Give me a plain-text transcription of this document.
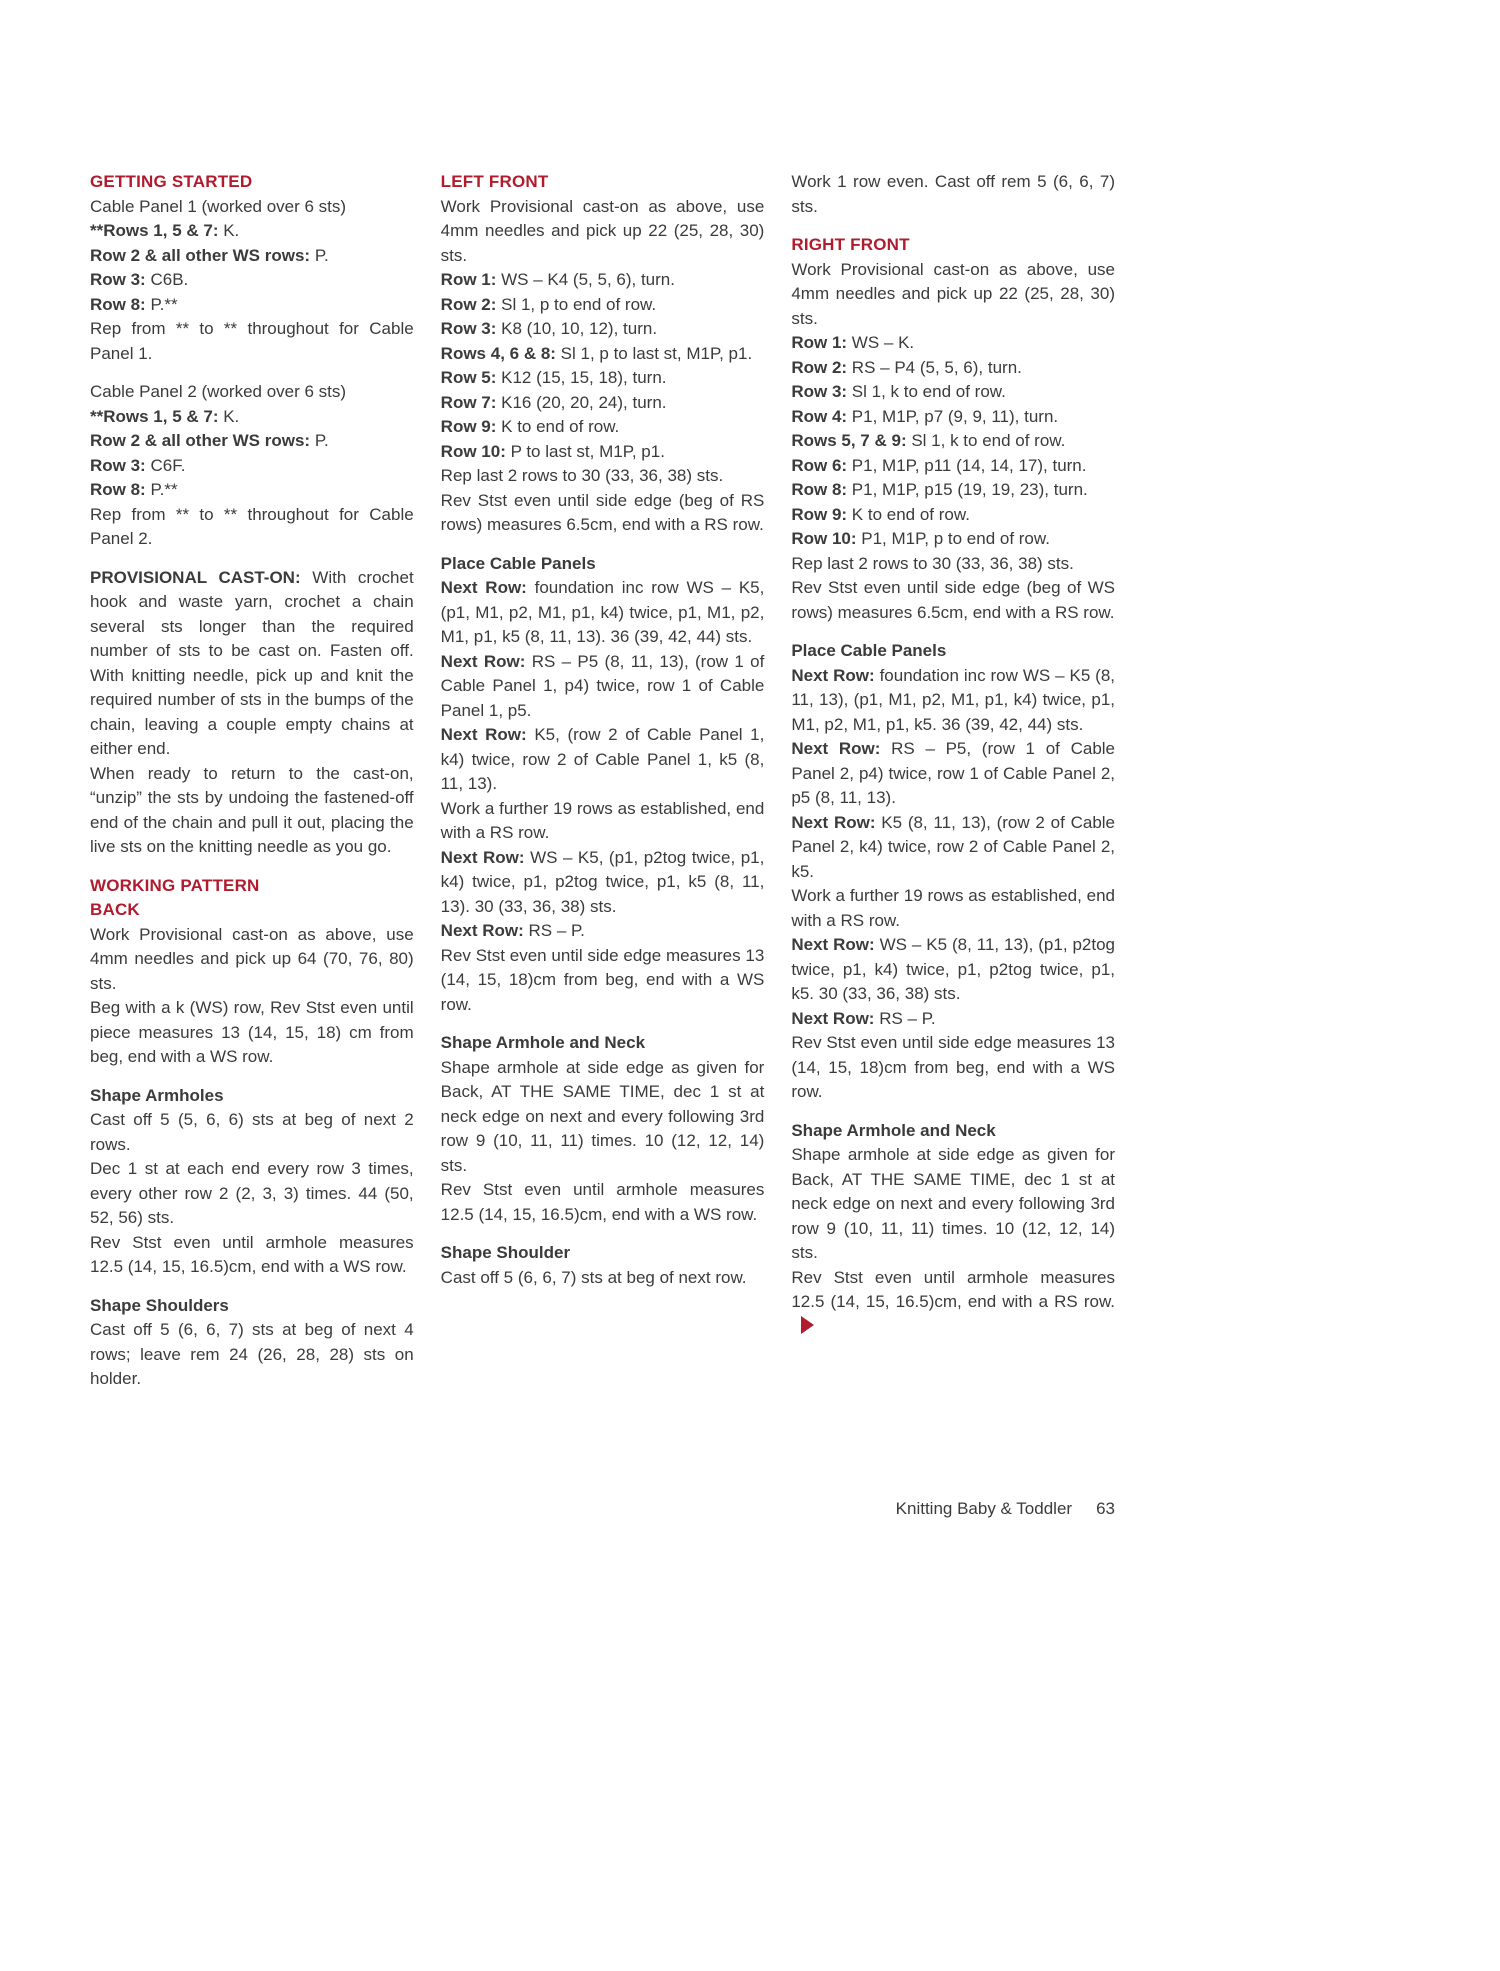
GETTING STARTED

Cable Panel 1 (worked over 6 sts)

**Rows 1, 5 & 7: K.

Row 2 & all other WS rows: P.

Row 3: C6B.

Row 8: P.**

Rep from ** to ** throughout for Cable Panel 1.

Cable Panel 2 (worked over 6 sts)

**Rows 1, 5 & 7: K.

Row 2 & all other WS rows: P.

Row 3: C6F.

Row 8: P.**

Rep from ** to ** throughout for Cable Panel 2.

PROVISIONAL CAST-ON: With crochet hook and waste yarn, crochet a chain several sts longer than the required number of sts to be cast on. Fasten off. With knitting needle, pick up and knit the required number of sts in the bumps of the chain, leaving a couple empty chains at either end.

When ready to return to the cast-on, “unzip” the sts by undoing the fastened-off end of the chain and pull it out, placing the live sts on the knitting needle as you go.

WORKING PATTERN

BACK

Work Provisional cast-on as above, use 4mm needles and pick up 64 (70, 76, 80) sts.

Beg with a k (WS) row, Rev Stst even until piece measures 13 (14, 15, 18) cm from beg, end with a WS row.

Shape Armholes

Cast off 5 (5, 6, 6) sts at beg of next 2 rows.

Dec 1 st at each end every row 3 times, every other row 2 (2, 3, 3) times. 44 (50, 52, 56) sts.

Rev Stst even until armhole measures 12.5 (14, 15, 16.5)cm, end with a WS row.

Shape Shoulders

Cast off 5 (6, 6, 7) sts at beg of next 4 rows; leave rem 24 (26, 28, 28) sts on holder.

LEFT FRONT

Work Provisional cast-on as above, use 4mm needles and pick up 22 (25, 28, 30) sts.

Row 1: WS – K4 (5, 5, 6), turn.

Row 2: Sl 1, p to end of row.

Row 3: K8 (10, 10, 12), turn.

Rows 4, 6 & 8: Sl 1, p to last st, M1P, p1.

Row 5: K12 (15, 15, 18), turn.

Row 7: K16 (20, 20, 24), turn.

Row 9: K to end of row.

Row 10: P to last st, M1P, p1.

Rep last 2 rows to 30 (33, 36, 38) sts.

Rev Stst even until side edge (beg of RS rows) measures 6.5cm, end with a RS row.

Place Cable Panels

Next Row: foundation inc row WS – K5, (p1, M1, p2, M1, p1, k4) twice, p1, M1, p2, M1, p1, k5 (8, 11, 13). 36 (39, 42, 44) sts.

Next Row: RS – P5 (8, 11, 13), (row 1 of Cable Panel 1, p4) twice, row 1 of Cable Panel 1, p5.

Next Row: K5, (row 2 of Cable Panel 1, k4) twice, row 2 of Cable Panel 1, k5 (8, 11, 13).

Work a further 19 rows as established, end with a RS row.

Next Row: WS – K5, (p1, p2tog twice, p1, k4) twice, p1, p2tog twice, p1, k5 (8, 11, 13). 30 (33, 36, 38) sts.

Next Row: RS – P.

Rev Stst even until side edge measures 13 (14, 15, 18)cm from beg, end with a WS row.

Shape Armhole and Neck

Shape armhole at side edge as given for Back, AT THE SAME TIME, dec 1 st at neck edge on next and every following 3rd row 9 (10, 11, 11) times. 10 (12, 12, 14) sts.

Rev Stst even until armhole measures 12.5 (14, 15, 16.5)cm, end with a WS row.

Shape Shoulder

Cast off 5 (6, 6, 7) sts at beg of next row.

Work 1 row even. Cast off rem 5 (6, 6, 7) sts.

RIGHT FRONT

Work Provisional cast-on as above, use 4mm needles and pick up 22 (25, 28, 30) sts.

Row 1: WS – K.

Row 2: RS – P4 (5, 5, 6), turn.

Row 3: Sl 1, k to end of row.

Row 4: P1, M1P, p7 (9, 9, 11), turn.

Rows 5, 7 & 9: Sl 1, k to end of row.

Row 6: P1, M1P, p11 (14, 14, 17), turn.

Row 8: P1, M1P, p15 (19, 19, 23), turn.

Row 9: K to end of row.

Row 10: P1, M1P, p to end of row.

Rep last 2 rows to 30 (33, 36, 38) sts.

Rev Stst even until side edge (beg of WS rows) measures 6.5cm, end with a RS row.

Place Cable Panels

Next Row: foundation inc row WS – K5 (8, 11, 13), (p1, M1, p2, M1, p1, k4) twice, p1, M1, p2, M1, p1, k5. 36 (39, 42, 44) sts.

Next Row: RS – P5, (row 1 of Cable Panel 2, p4) twice, row 1 of Cable Panel 2, p5 (8, 11, 13).

Next Row: K5 (8, 11, 13), (row 2 of Cable Panel 2, k4) twice, row 2 of Cable Panel 2, k5.

Work a further 19 rows as established, end with a RS row.

Next Row: WS – K5 (8, 11, 13), (p1, p2tog twice, p1, k4) twice, p1, p2tog twice, p1, k5. 30 (33, 36, 38) sts.

Next Row: RS – P.

Rev Stst even until side edge measures 13 (14, 15, 18)cm from beg, end with a WS row.

Shape Armhole and Neck

Shape armhole at side edge as given for Back, AT THE SAME TIME, dec 1 st at neck edge on next and every following 3rd row 9 (10, 11, 11) times. 10 (12, 12, 14) sts.

Rev Stst even until armhole measures 12.5 (14, 15, 16.5)cm, end with a RS row.

Knitting Baby & Toddler 63
